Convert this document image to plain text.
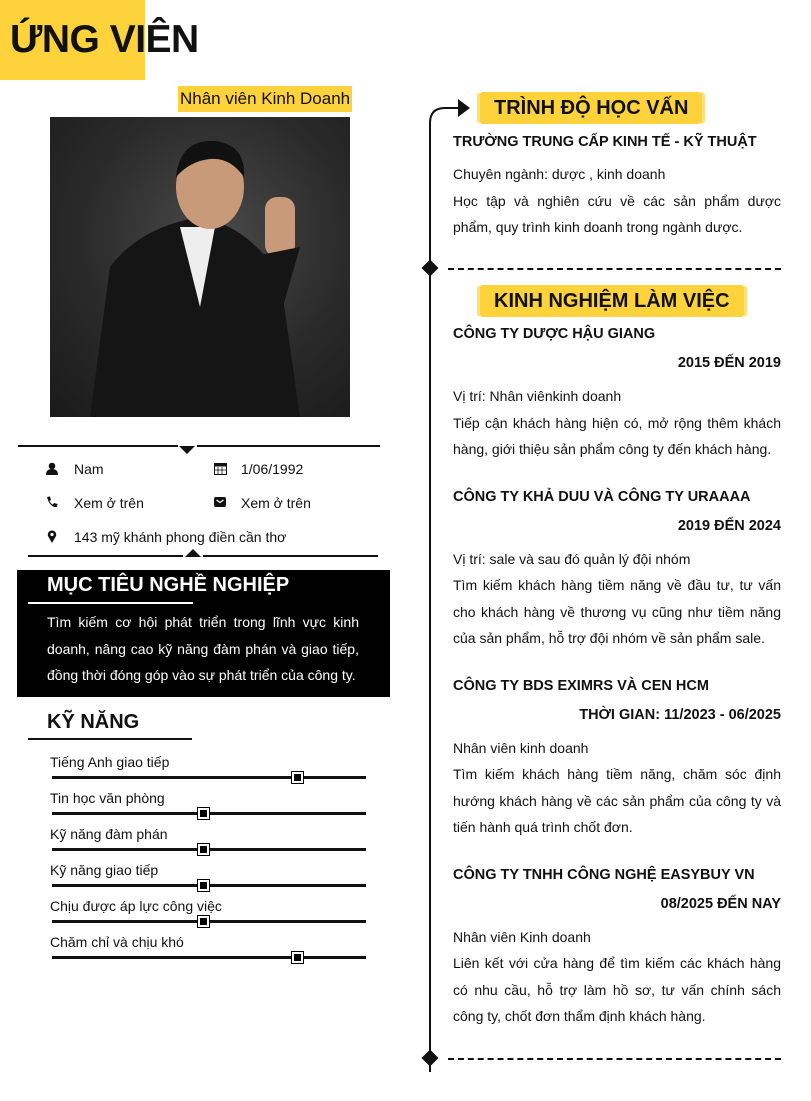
ỨNG VIÊN
Nhân viên Kinh Doanh
Nam	1/06/1992
Xem ở trên	Xem ở trên
143 mỹ khánh phong điền cần thơ
MỤC TIÊU NGHỀ NGHIỆP
Tìm kiếm cơ hội phát triển trong lĩnh vực kinh doanh, nâng cao kỹ năng đàm phán và giao tiếp, đồng thời đóng góp vào sự phát triển của công ty.
KỸ NĂNG
Tiếng Anh giao tiếp
Tin học văn phòng
Kỹ năng đàm phán
Kỹ năng giao tiếp
Chịu được áp lực công việc
Chăm chỉ và chịu khó
TRÌNH ĐỘ HỌC VẤN
TRƯỜNG TRUNG CẤP KINH TẾ - KỸ THUẬT
Chuyên ngành: dược , kinh doanh
Học tập và nghiên cứu về các sản phẩm dược phẩm, quy trình kinh doanh trong ngành dược.
KINH NGHIỆM LÀM VIỆC
CÔNG TY DƯỢC HẬU GIANG
2015 ĐẾN 2019
Vị trí: Nhân viênkinh doanh
Tiếp cận khách hàng hiện có, mở rộng thêm khách hàng, giới thiệu sản phẩm công ty đến khách hàng.
CÔNG TY KHẢ DUU VÀ CÔNG TY URAAAA
2019 ĐẾN 2024
Vị trí: sale và sau đó quản lý đội nhóm
Tìm kiếm khách hàng tiềm năng về đầu tư, tư vấn cho khách hàng về thương vụ cũng như tiềm năng của sản phẩm, hỗ trợ đội nhóm về sản phẩm sale.
CÔNG TY BDS EXIMRS VÀ CEN HCM
THỜI GIAN: 11/2023 - 06/2025
Nhân viên kinh doanh
Tìm kiếm khách hàng tiềm năng, chăm sóc định hướng khách hàng về các sản phẩm của công ty và tiến hành quá trình chốt đơn.
CÔNG TY TNHH CÔNG NGHỆ EASYBUY VN
08/2025 ĐẾN NAY
Nhân viên Kinh doanh
Liên kết với cửa hàng để tìm kiếm các khách hàng có nhu cầu, hỗ trợ làm hồ sơ, tư vấn chính sách công ty, chốt đơn thẩm định khách hàng.
